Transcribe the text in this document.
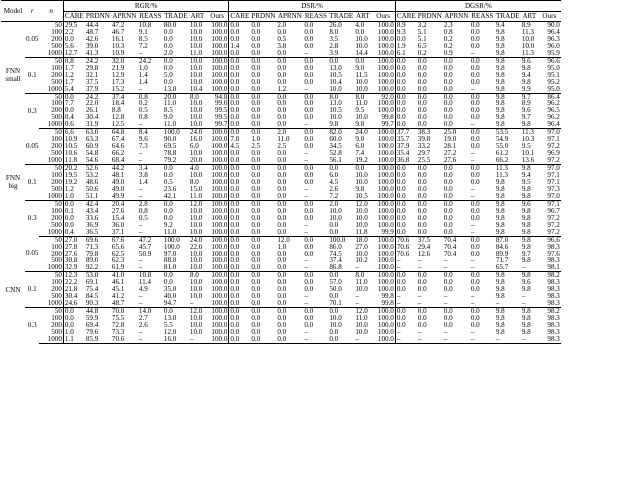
Model	r	n	RGR/%							DSR/%							DGSR/%						
			CARE	PRDNN	APRNN	REASS	TRADE	ART	Ours	CARE	PRDNN	APRNN	REASS	TRADE	ART	Ours	CARE	PRDNN	APRNN	REASS	TRADE	ART	Ours

FNN
small	0.05	50	29.5	44.4	47.2	10.8	80.0	10.0	100.0	0.0	0.0	2.0	0.0	26.0	4.0	100.0	8.9	3.2	2.3	0.0	9.4	8.9	90.0
		100	2.2	48.7	46.7	9.1	0.0	10.0	100.0	0.0	0.0	0.0	0.0	8.0	0.0	100.0	9.3	5.1	0.8	0.0	9.8	11.3	96.4
		200	0.0	42.6	16.1	8.5	0.0	10.0	100.0	0.0	0.0	0.5	0.0	3.5	10.0	100.0	0.0	5.1	0.2	0.0	9.8	10.0	96.3
		500	5.6	39.0	10.3	7.2	0.0	10.0	100.0	1.4	0.0	3.8	0.0	2.8	10.0	100.0	1.9	6.5	0.2	0.0	9.8	10.0	96.0
		1000	12.7	41.3	10.9	–	2.0	11.0	100.0	0.0	0.0	0.0	–	3.9	14.4	100.0	6.1	0.2	0.9	–	9.8	11.3	95.9
	0.1	50	0.8	24.2	32.0	24.2	0.0	10.0	100.0	0.0	0.0	0.0	0.0	0.0	0.0	100.0	0.0	0.0	0.0	0.0	9.8	9.6	96.6
		100	1.7	29.8	21.9	1.0	0.0	10.0	100.0	0.0	0.0	0.0	0.0	13.0	9.0	100.0	0.0	0.0	0.0	0.0	9.8	9.8	95.0
		200	1.2	32.1	12.9	1.4	5.0	10.0	100.0	0.0	0.0	0.0	0.0	10.5	11.5	100.0	0.0	0.0	0.0	0.0	9.8	9.4	95.1
		500	1.7	37.5	17.3	1.4	0.0	10.0	100.0	0.0	0.0	0.0	0.0	10.4	10.0	100.0	0.0	0.0	0.0	0.0	9.8	9.8	95.2
		1000	5.4	37.9	15.2	–	13.0	10.4	100.0	0.0	0.0	1.2	–	10.0	10.0	100.0	0.0	0.0	0.0	–	9.8	9.9	95.0
	0.3	50	0.0	24.2	37.4	0.8	20.0	8.0	94.8	0.0	0.0	0.0	0.0	8.0	8.0	92.0	0.0	0.0	0.0	0.0	9.8	9.7	86.4
		100	7.7	22.0	18.4	0.2	11.0	10.0	99.0	0.0	0.0	0.0	0.0	13.0	11.0	100.0	0.0	0.0	0.0	0.0	9.8	8.9	96.2
		200	0.0	26.1	8.8	0.5	8.5	10.0	99.5	0.0	0.0	0.0	0.0	10.5	9.5	100.0	0.0	0.0	0.0	0.0	9.8	9.6	96.5
		500	0.4	30.4	12.8	0.8	9.0	10.0	99.5	0.0	0.0	0.0	0.0	10.0	10.0	99.8	0.0	0.0	0.0	0.0	9.8	9.7	96.2
		1000	0.6	31.9	12.5	–	11.0	10.0	99.7	0.0	0.0	0.0	–	9.8	9.8	99.7	0.0	0.0	0.0	–	9.8	9.8	96.4

FNN
big	0.05	50	6.6	63.0	64.8	8.4	100.0	24.0	100.0	0.0	0.0	2.0	0.0	82.0	24.0	100.0	37.7	38.3	25.0	0.0	53.5	11.3	97.0
		100	10.9	63.3	67.4	9.6	90.0	16.0	100.0	7.0	1.0	11.0	0.0	60.0	9.0	100.0	35.7	39.8	19.0	0.0	54.9	10.3	97.1
		200	10.5	60.9	64.6	7.3	69.5	6.0	100.0	4.5	2.5	2.5	0.0	34.5	6.0	100.0	37.9	33.2	28.1	0.0	55.0	9.5	97.2
		500	10.6	54.8	66.2	–	78.8	10.0	100.0	0.0	0.0	0.0	–	52.8	7.4	100.0	35.4	29.7	27.2	–	61.2	10.1	96.9
		1000	11.8	54.6	68.4	–	79.2	20.0	100.0	0.0	0.0	0.0	–	56.1	19.2	100.0	36.8	25.5	27.6	–	66.2	13.6	97.2
	0.1	50	20.2	52.6	44.2	3.4	0.0	4.0	100.0	0.0	0.0	0.0	0.0	0.0	0.0	100.0	0.0	0.0	0.0	0.0	11.3	9.8	97.0
		100	19.5	53.2	48.1	3.8	0.0	10.0	100.0	0.0	0.0	0.0	0.0	6.0	10.0	100.0	0.0	0.0	0.0	0.0	11.3	9.4	97.1
		200	19.2	48.6	49.0	1.4	0.5	8.0	100.0	0.0	0.0	0.0	0.0	4.5	10.0	100.0	0.0	0.0	0.0	0.0	9.8	9.5	97.1
		500	1.2	50.6	49.0	–	23.6	15.0	100.0	0.0	0.0	0.0	–	2.6	9.8	100.0	0.0	0.0	0.0	–	9.8	9.8	97.3
		1000	1.0	51.1	49.9	–	42.1	11.0	100.0	0.0	0.0	0.0	–	7.2	10.5	100.0	0.0	0.0	0.0	–	9.8	9.8	97.0
	0.3	50	0.0	42.4	20.4	2.8	0.0	12.0	100.0	0.0	0.0	0.0	0.0	2.0	12.0	100.0	0.0	0.0	0.0	0.0	9.8	9.6	97.1
		100	0.1	43.4	27.6	0.8	0.0	10.0	100.0	0.0	0.0	0.0	0.0	10.0	10.0	100.0	0.0	0.0	0.0	0.0	9.8	9.8	96.7
		200	0.0	33.6	15.4	0.5	0.0	10.0	100.0	0.0	0.0	0.0	0.0	10.0	10.0	100.0	0.0	0.0	0.0	0.0	9.8	9.8	97.2
		500	0.0	36.9	36.0	–	9.2	10.0	100.0	0.0	0.0	0.0	–	0.0	10.0	100.0	0.0	0.0	0.0	–	9.8	9.8	97.2
		1000	0.4	36.5	37.1	–	11.0	10.0	100.0	0.0	0.0	0.0	–	0.0	11.8	99.9	0.0	0.0	0.0	–	9.8	9.8	97.2

CNN	0.05	50	27.0	69.6	67.6	47.2	100.0	24.0	100.0	0.0	0.0	12.0	0.0	100.0	18.0	100.0	70.6	37.5	70.4	0.0	87.0	9.8	96.6
		100	27.8	71.3	65.6	45.7	100.0	22.0	100.0	0.0	0.0	1.0	0.0	86.0	27.0	100.0	70.6	29.4	70.4	0.0	84.6	9.8	98.3
		200	27.6	79.8	62.5	50.9	97.0	10.0	100.0	0.0	0.0	0.0	0.0	74.5	10.0	100.0	70.6	12.6	70.4	0.0	89.9	9.7	97.6
		500	30.8	89.0	62.3	–	88.0	10.0	100.0	0.0	0.0	0.0	–	37.4	10.2	100.0	–	–	–	–	71.7	9.8	98.3
		1000	32.9	92.2	61.9	–	81.0	10.0	100.0	0.0	0.0	0.0	–	86.8	–	100.0	–	–	–	–	65.7	–	98.1
	0.1	50	12.3	53.0	41.0	10.8	0.0	8.0	100.0	0.0	0.0	0.0	0.0	0.0	8.0	100.0	0.0	0.0	0.0	0.0	9.8	9.8	98.2
		100	22.2	69.1	46.1	11.4	0.0	10.0	100.0	0.0	0.0	0.0	0.0	57.0	11.0	100.0	0.0	0.0	0.0	0.0	9.8	9.6	98.3
		200	21.8	75.4	45.1	4.9	35.0	10.0	100.0	0.0	0.0	0.0	0.0	50.0	10.0	100.0	0.0	0.0	0.0	0.0	9.8	9.8	98.3
		500	30.4	84.5	41.2	–	40.0	10.0	100.0	0.0	0.0	0.0	–	0.0	–	99.8	–	–	–	–	9.8	–	98.3
		1000	24.6	90.3	48.7	–	94.7	–	100.0	0.0	0.0	0.0	–	70.1	–	99.8	–	–	–	–	–	–	98.3
	0.3	50	0.0	44.8	70.0	14.0	0.0	12.0	100.0	0.0	0.0	0.0	0.0	0.0	12.0	100.0	0.0	0.0	0.0	0.0	9.8	9.8	98.2
		100	0.0	59.9	75.5	2.7	13.0	10.0	100.0	0.0	0.0	0.0	0.0	10.0	11.0	100.0	0.0	0.0	0.0	0.0	9.8	9.8	98.3
		200	0.0	69.4	72.8	2.6	5.5	10.0	100.0	0.0	0.0	0.0	0.0	10.0	10.0	100.0	0.0	0.0	0.0	0.0	9.8	9.8	98.3
		500	1.0	79.6	73.3	–	12.0	10.0	100.0	0.0	0.0	0.0	–	0.0	10.0	100.0	–	–	–	–	9.8	9.8	98.3
		1000	1.1	85.9	70.6	–	16.0	–	100.0	0.0	0.0	0.0	–	0.0	–	100.0	–	–	–	–	–	–	98.3
